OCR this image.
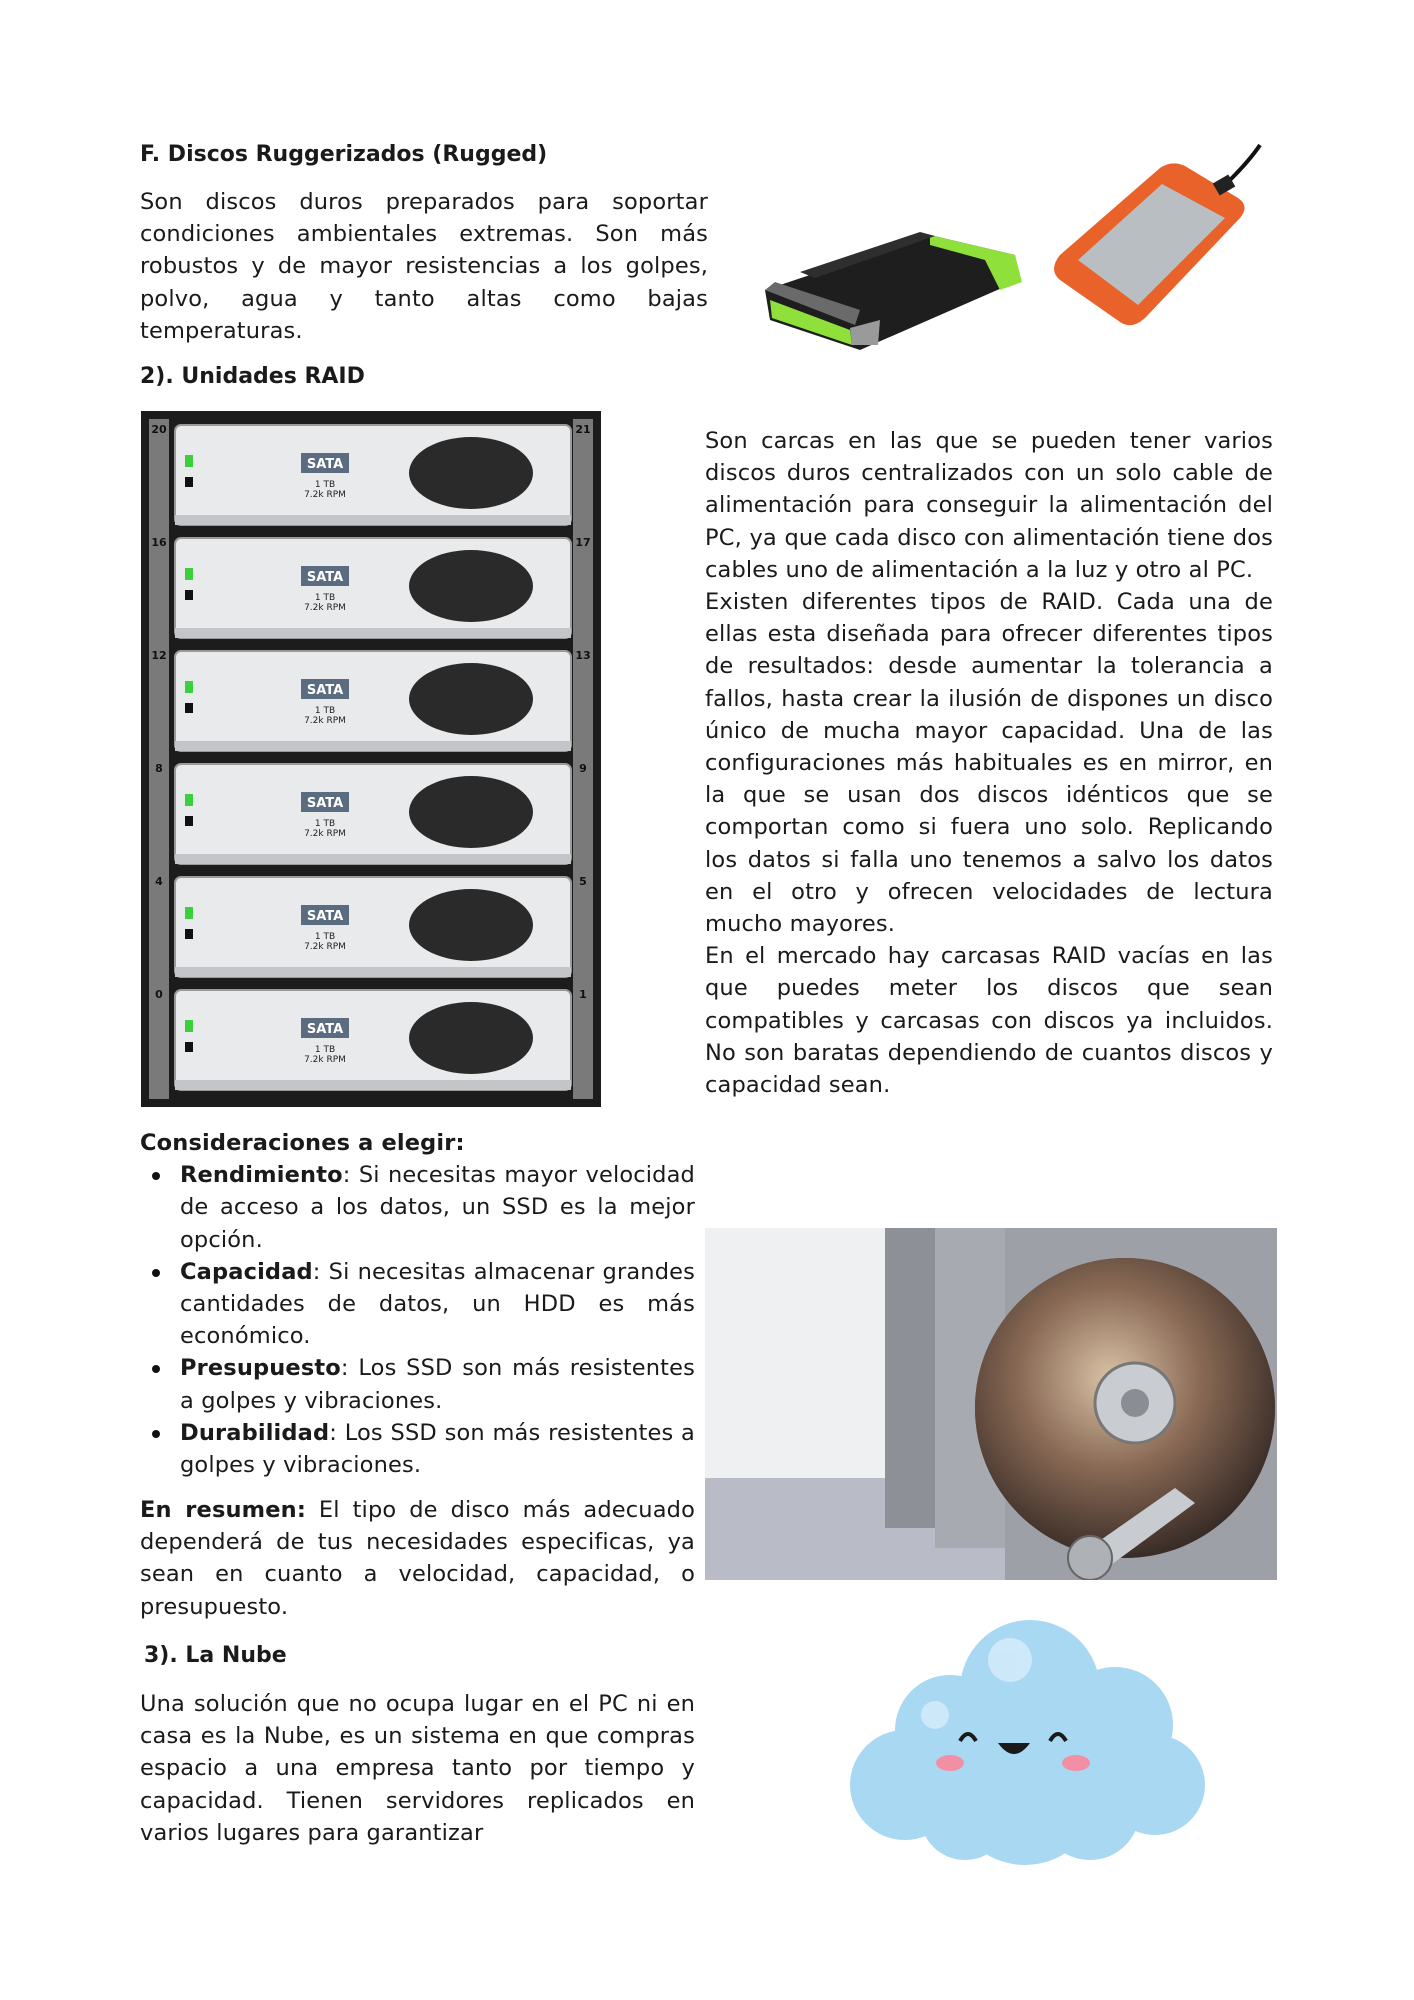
F. Discos Ruggerizados (Rugged)

Son discos duros preparados para soportar condiciones ambientales extremas. Son más robustos y de mayor resistencias a los golpes, polvo, agua y tanto altas como bajas temperaturas.

2). Unidades RAID
SATA
1 TB
7.2k RPM
20	21
SATA
1 TB
7.2k RPM
16	17
SATA
1 TB
7.2k RPM
12	13
SATA
1 TB
7.2k RPM
8	9
SATA
1 TB
7.2k RPM
4	5
SATA
1 TB
7.2k RPM
0	1

Son carcas en las que se pueden tener varios discos duros centralizados con un solo cable de alimentación para conseguir la alimentación del PC, ya que cada disco con alimentación tiene dos cables uno de alimentación a la luz y otro al PC.

Existen diferentes tipos de RAID. Cada una de ellas esta diseñada para ofrecer diferentes tipos de resultados: desde aumentar la tolerancia a fallos, hasta crear la ilusión de dispones un disco único de mucha mayor capacidad. Una de las configuraciones más habituales es en mirror, en la que se usan dos discos idénticos que se comportan como si fuera uno solo. Replicando los datos si falla uno tenemos a salvo los datos en el otro y ofrecen velocidades de lectura mucho mayores.

En el mercado hay carcasas RAID vacías en las que puedes meter los discos que sean compatibles y carcasas con discos ya incluidos. No son baratas dependiendo de cuantos discos y capacidad sean.

Consideraciones a elegir:
Rendimiento: Si necesitas mayor velocidad de acceso a los datos, un SSD es la mejor opción.
Capacidad: Si necesitas almacenar grandes cantidades de datos, un HDD es más económico.
Presupuesto: Los SSD son más resistentes a golpes y vibraciones.
Durabilidad: Los SSD son más resistentes a golpes y vibraciones.

En resumen: El tipo de disco más adecuado dependerá de tus necesidades especificas, ya sean en cuanto a velocidad, capacidad, o presupuesto.

3). La Nube

Una solución que no ocupa lugar en el PC ni en casa es la Nube, es un sistema en que compras espacio a una empresa tanto por tiempo y capacidad. Tienen servidores replicados en varios lugares para garantizar
